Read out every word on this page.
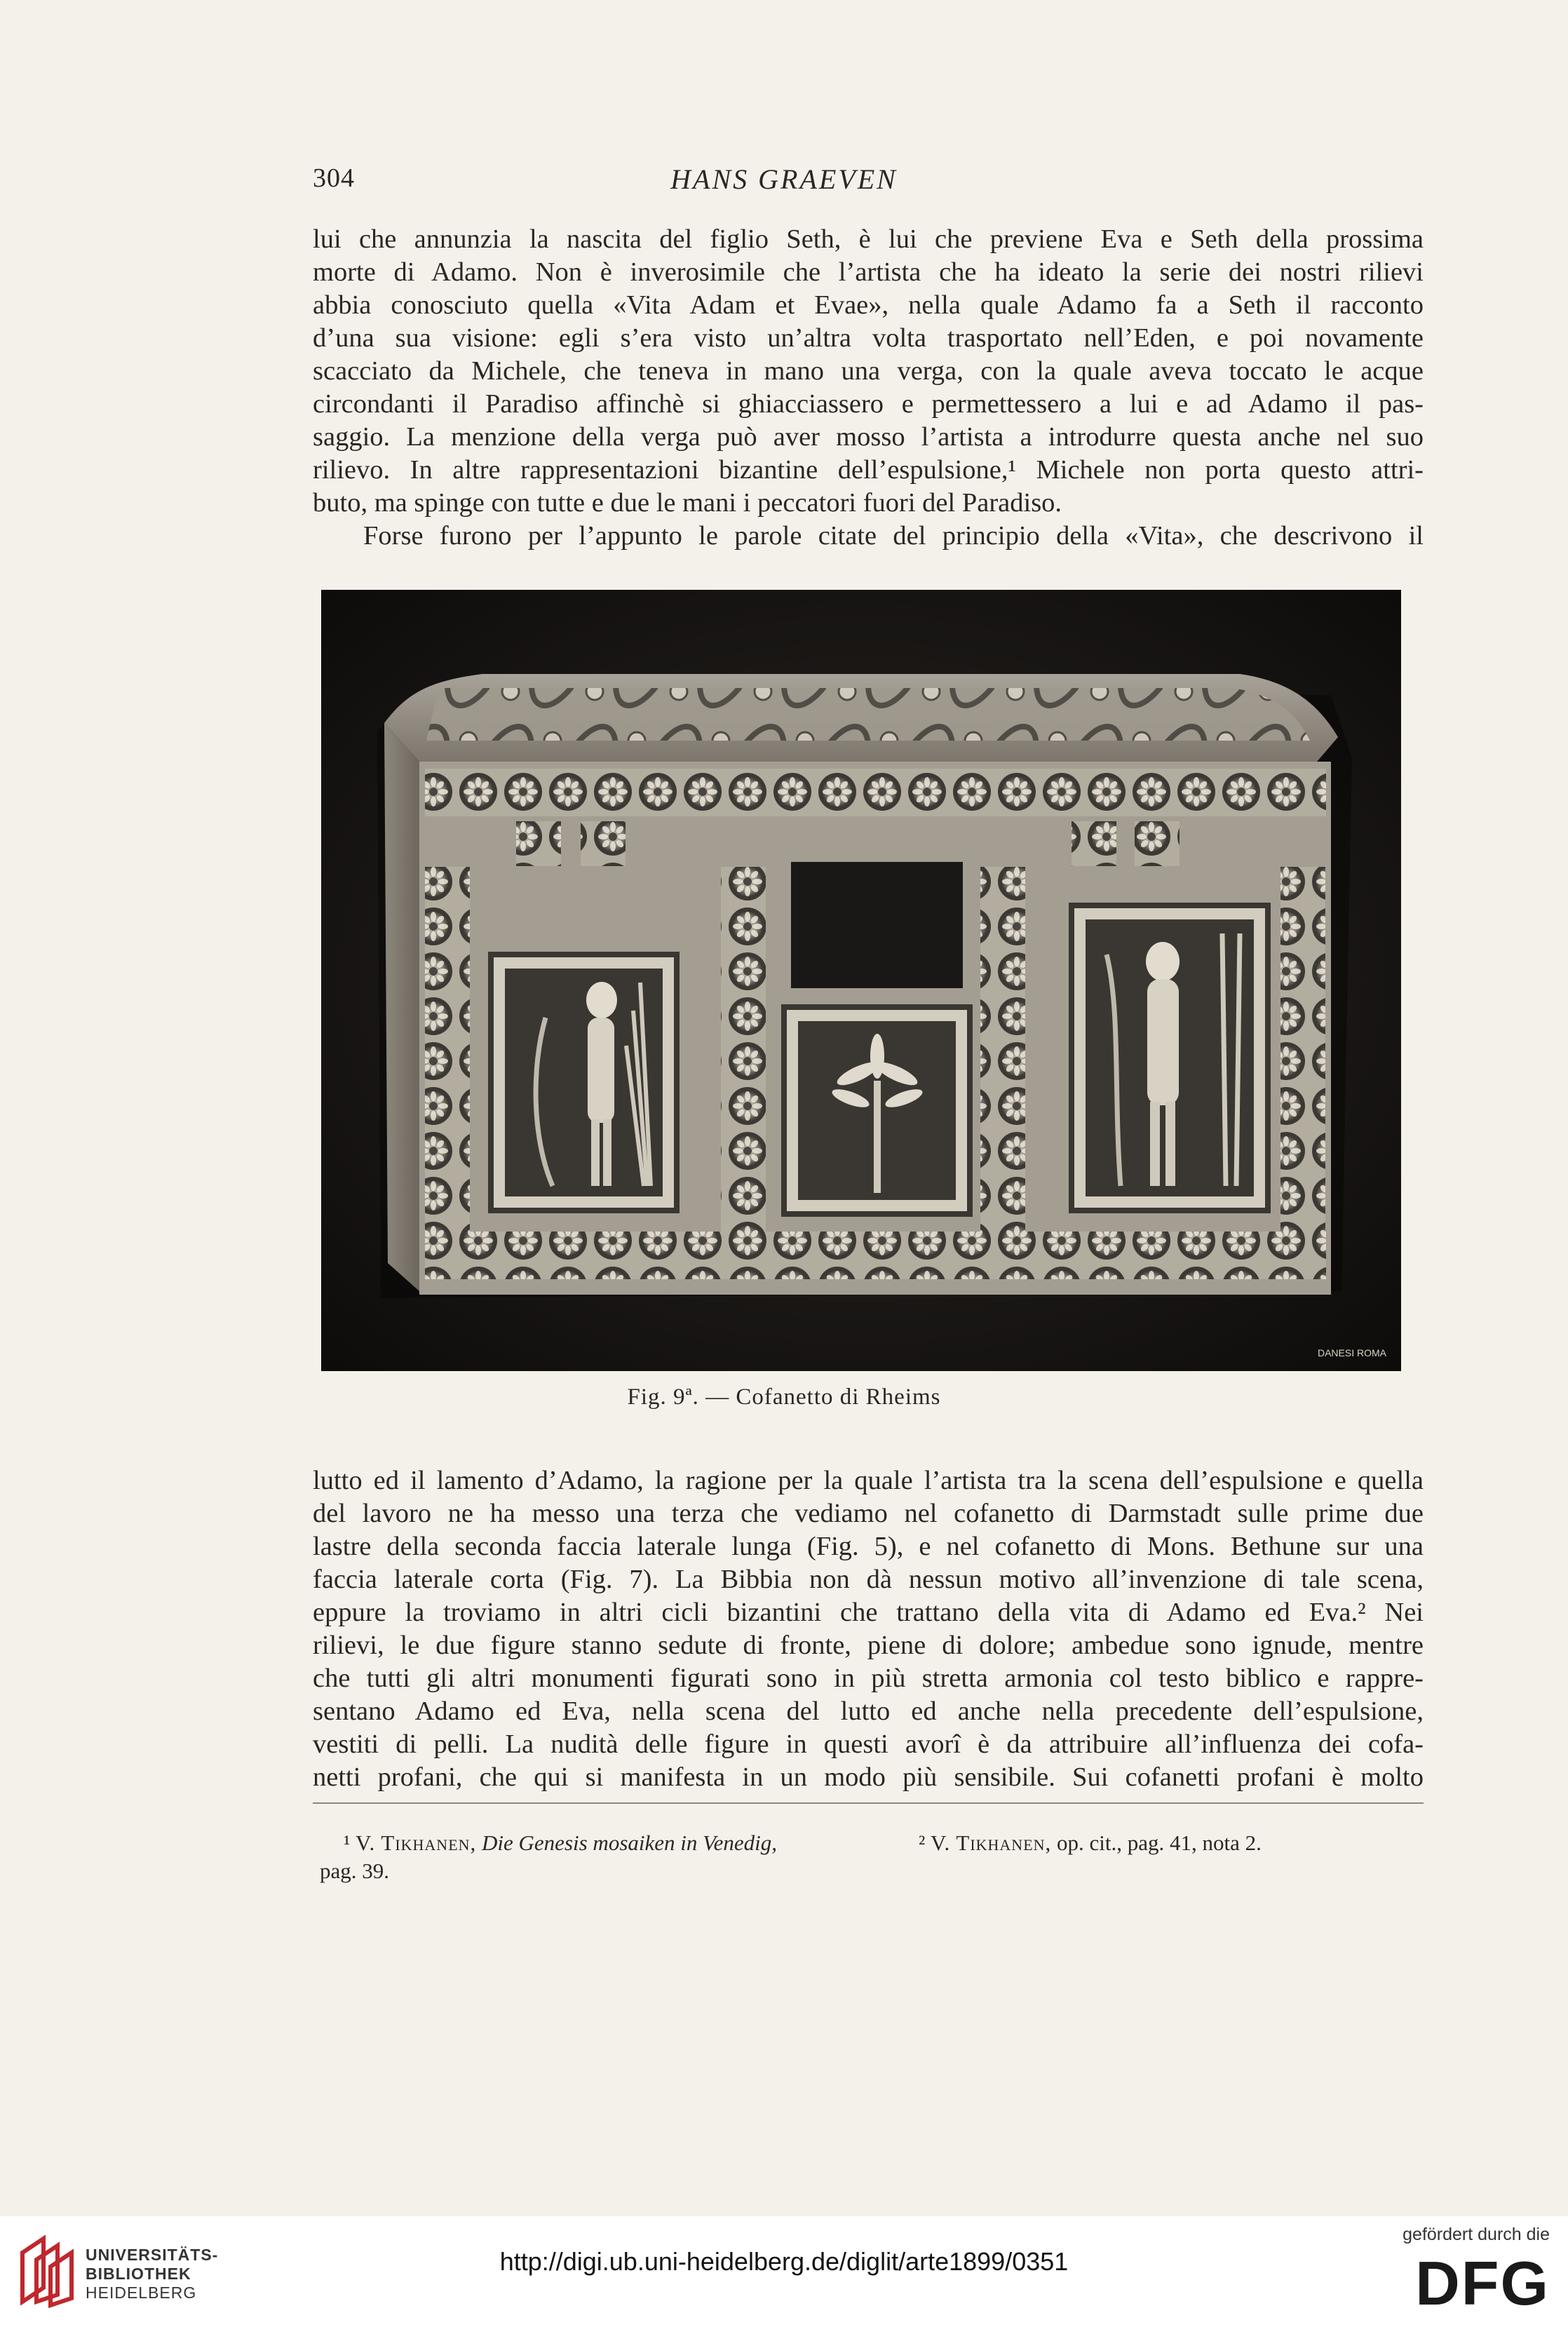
304	HANS GRAEVEN
lui che annunzia la nascita del figlio Seth, è lui che previene Eva e Seth della prossima
morte di Adamo. Non è inverosimile che l’artista che ha ideato la serie dei nostri rilievi
abbia conosciuto quella «Vita Adam et Evae», nella quale Adamo fa a Seth il racconto
d’una sua visione: egli s’era visto un’altra volta trasportato nell’Eden, e poi novamente
scacciato da Michele, che teneva in mano una verga, con la quale aveva toccato le acque
circondanti il Paradiso affinchè si ghiacciassero e permettessero a lui e ad Adamo il pas-
saggio. La menzione della verga può aver mosso l’artista a introdurre questa anche nel suo
rilievo. In altre rappresentazioni bizantine dell’espulsione,¹ Michele non porta questo attri-
buto, ma spinge con tutte e due le mani i peccatori fuori del Paradiso.
Forse furono per l’appunto le parole citate del principio della «Vita», che descrivono il
DANESI ROMA
Fig. 9ª. — Cofanetto di Rheims
lutto ed il lamento d’Adamo, la ragione per la quale l’artista tra la scena dell’espulsione e quella
del lavoro ne ha messo una terza che vediamo nel cofanetto di Darmstadt sulle prime due
lastre della seconda faccia laterale lunga (Fig. 5), e nel cofanetto di Mons. Bethune sur una
faccia laterale corta (Fig. 7). La Bibbia non dà nessun motivo all’invenzione di tale scena,
eppure la troviamo in altri cicli bizantini che trattano della vita di Adamo ed Eva.² Nei
rilievi, le due figure stanno sedute di fronte, piene di dolore; ambedue sono ignude, mentre
che tutti gli altri monumenti figurati sono in più stretta armonia col testo biblico e rappre-
sentano Adamo ed Eva, nella scena del lutto ed anche nella precedente dell’espulsione,
vestiti di pelli. La nudità delle figure in questi avorî è da attribuire all’influenza dei cofa-
netti profani, che qui si manifesta in un modo più sensibile. Sui cofanetti profani è molto
¹ V. Tikhanen, Die Genesis mosaiken in Venedig,
pag. 39.
² V. Tikhanen, op. cit., pag. 41, nota 2.
UNIVERSITÄTS-
BIBLIOTHEK
HEIDELBERG
http://digi.ub.uni-heidelberg.de/diglit/arte1899/0351
gefördert durch die
DFG
